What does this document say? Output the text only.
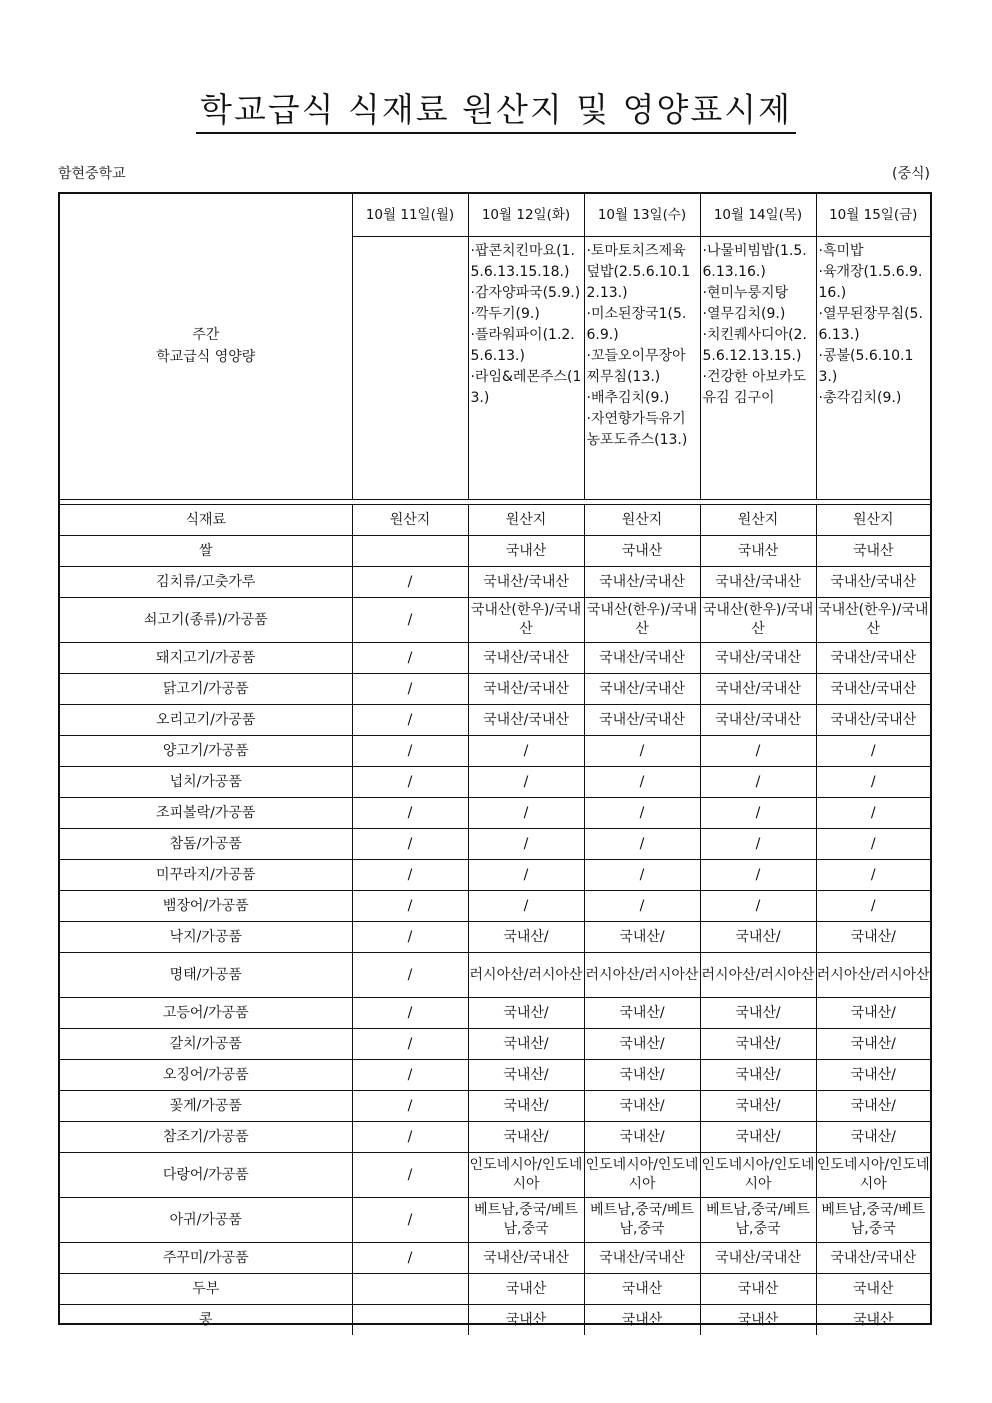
학교급식 식재료 원산지 및 영양표시제
함현중학교	(중식)
주간
학교급식 영양량	10월 11일(월)	10월 12일(화)	10월 13일(수)	10월 14일(목)	10월 15일(금)

		·팝콘치킨마요(1.5.6.13.15.18.)
·감자양파국(5.9.)
·깍두기(9.)
·플라워파이(1.2.5.6.13.)
·라임&레몬주스(13.)	·토마토치즈제육덮밥(2.5.6.10.12.13.)
·미소된장국1(5.6.9.)
·꼬들오이무장아찌무침(13.)
·배추김치(9.)
·자연향가득유기농포도쥬스(13.)	·나물비빔밥(1.5.6.13.16.)
·현미누룽지탕
·열무김치(9.)
·치킨퀘사디아(2.5.6.12.13.15.)
·건강한 아보카도유김 김구이	·흑미밥
·육개장(1.5.6.9.16.)
·열무된장무침(5.6.13.)
·콩불(5.6.10.13.)
·총각김치(9.)
식재료	원산지	원산지	원산지	원산지	원산지
쌀		국내산	국내산	국내산	국내산
김치류/고춧가루	/	국내산/국내산	국내산/국내산	국내산/국내산	국내산/국내산
쇠고기(종류)/가공품	/	국내산(한우)/국내산	국내산(한우)/국내산	국내산(한우)/국내산	국내산(한우)/국내산
돼지고기/가공품	/	국내산/국내산	국내산/국내산	국내산/국내산	국내산/국내산
닭고기/가공품	/	국내산/국내산	국내산/국내산	국내산/국내산	국내산/국내산
오리고기/가공품	/	국내산/국내산	국내산/국내산	국내산/국내산	국내산/국내산
양고기/가공품	/	/	/	/	/
넙치/가공품	/	/	/	/	/
조피볼락/가공품	/	/	/	/	/
참돔/가공품	/	/	/	/	/
미꾸라지/가공품	/	/	/	/	/
뱀장어/가공품	/	/	/	/	/
낙지/가공품	/	국내산/	국내산/	국내산/	국내산/
명태/가공품	/	러시아산/러시아산	러시아산/러시아산	러시아산/러시아산	러시아산/러시아산
고등어/가공품	/	국내산/	국내산/	국내산/	국내산/
갈치/가공품	/	국내산/	국내산/	국내산/	국내산/
오징어/가공품	/	국내산/	국내산/	국내산/	국내산/
꽃게/가공품	/	국내산/	국내산/	국내산/	국내산/
참조기/가공품	/	국내산/	국내산/	국내산/	국내산/
다랑어/가공품	/	인도네시아/인도네시아	인도네시아/인도네시아	인도네시아/인도네시아	인도네시아/인도네시아
아귀/가공품	/	베트남,중국/베트남,중국	베트남,중국/베트남,중국	베트남,중국/베트남,중국	베트남,중국/베트남,중국
주꾸미/가공품	/	국내산/국내산	국내산/국내산	국내산/국내산	국내산/국내산
두부		국내산	국내산	국내산	국내산
콩		국내산	국내산	국내산	국내산
